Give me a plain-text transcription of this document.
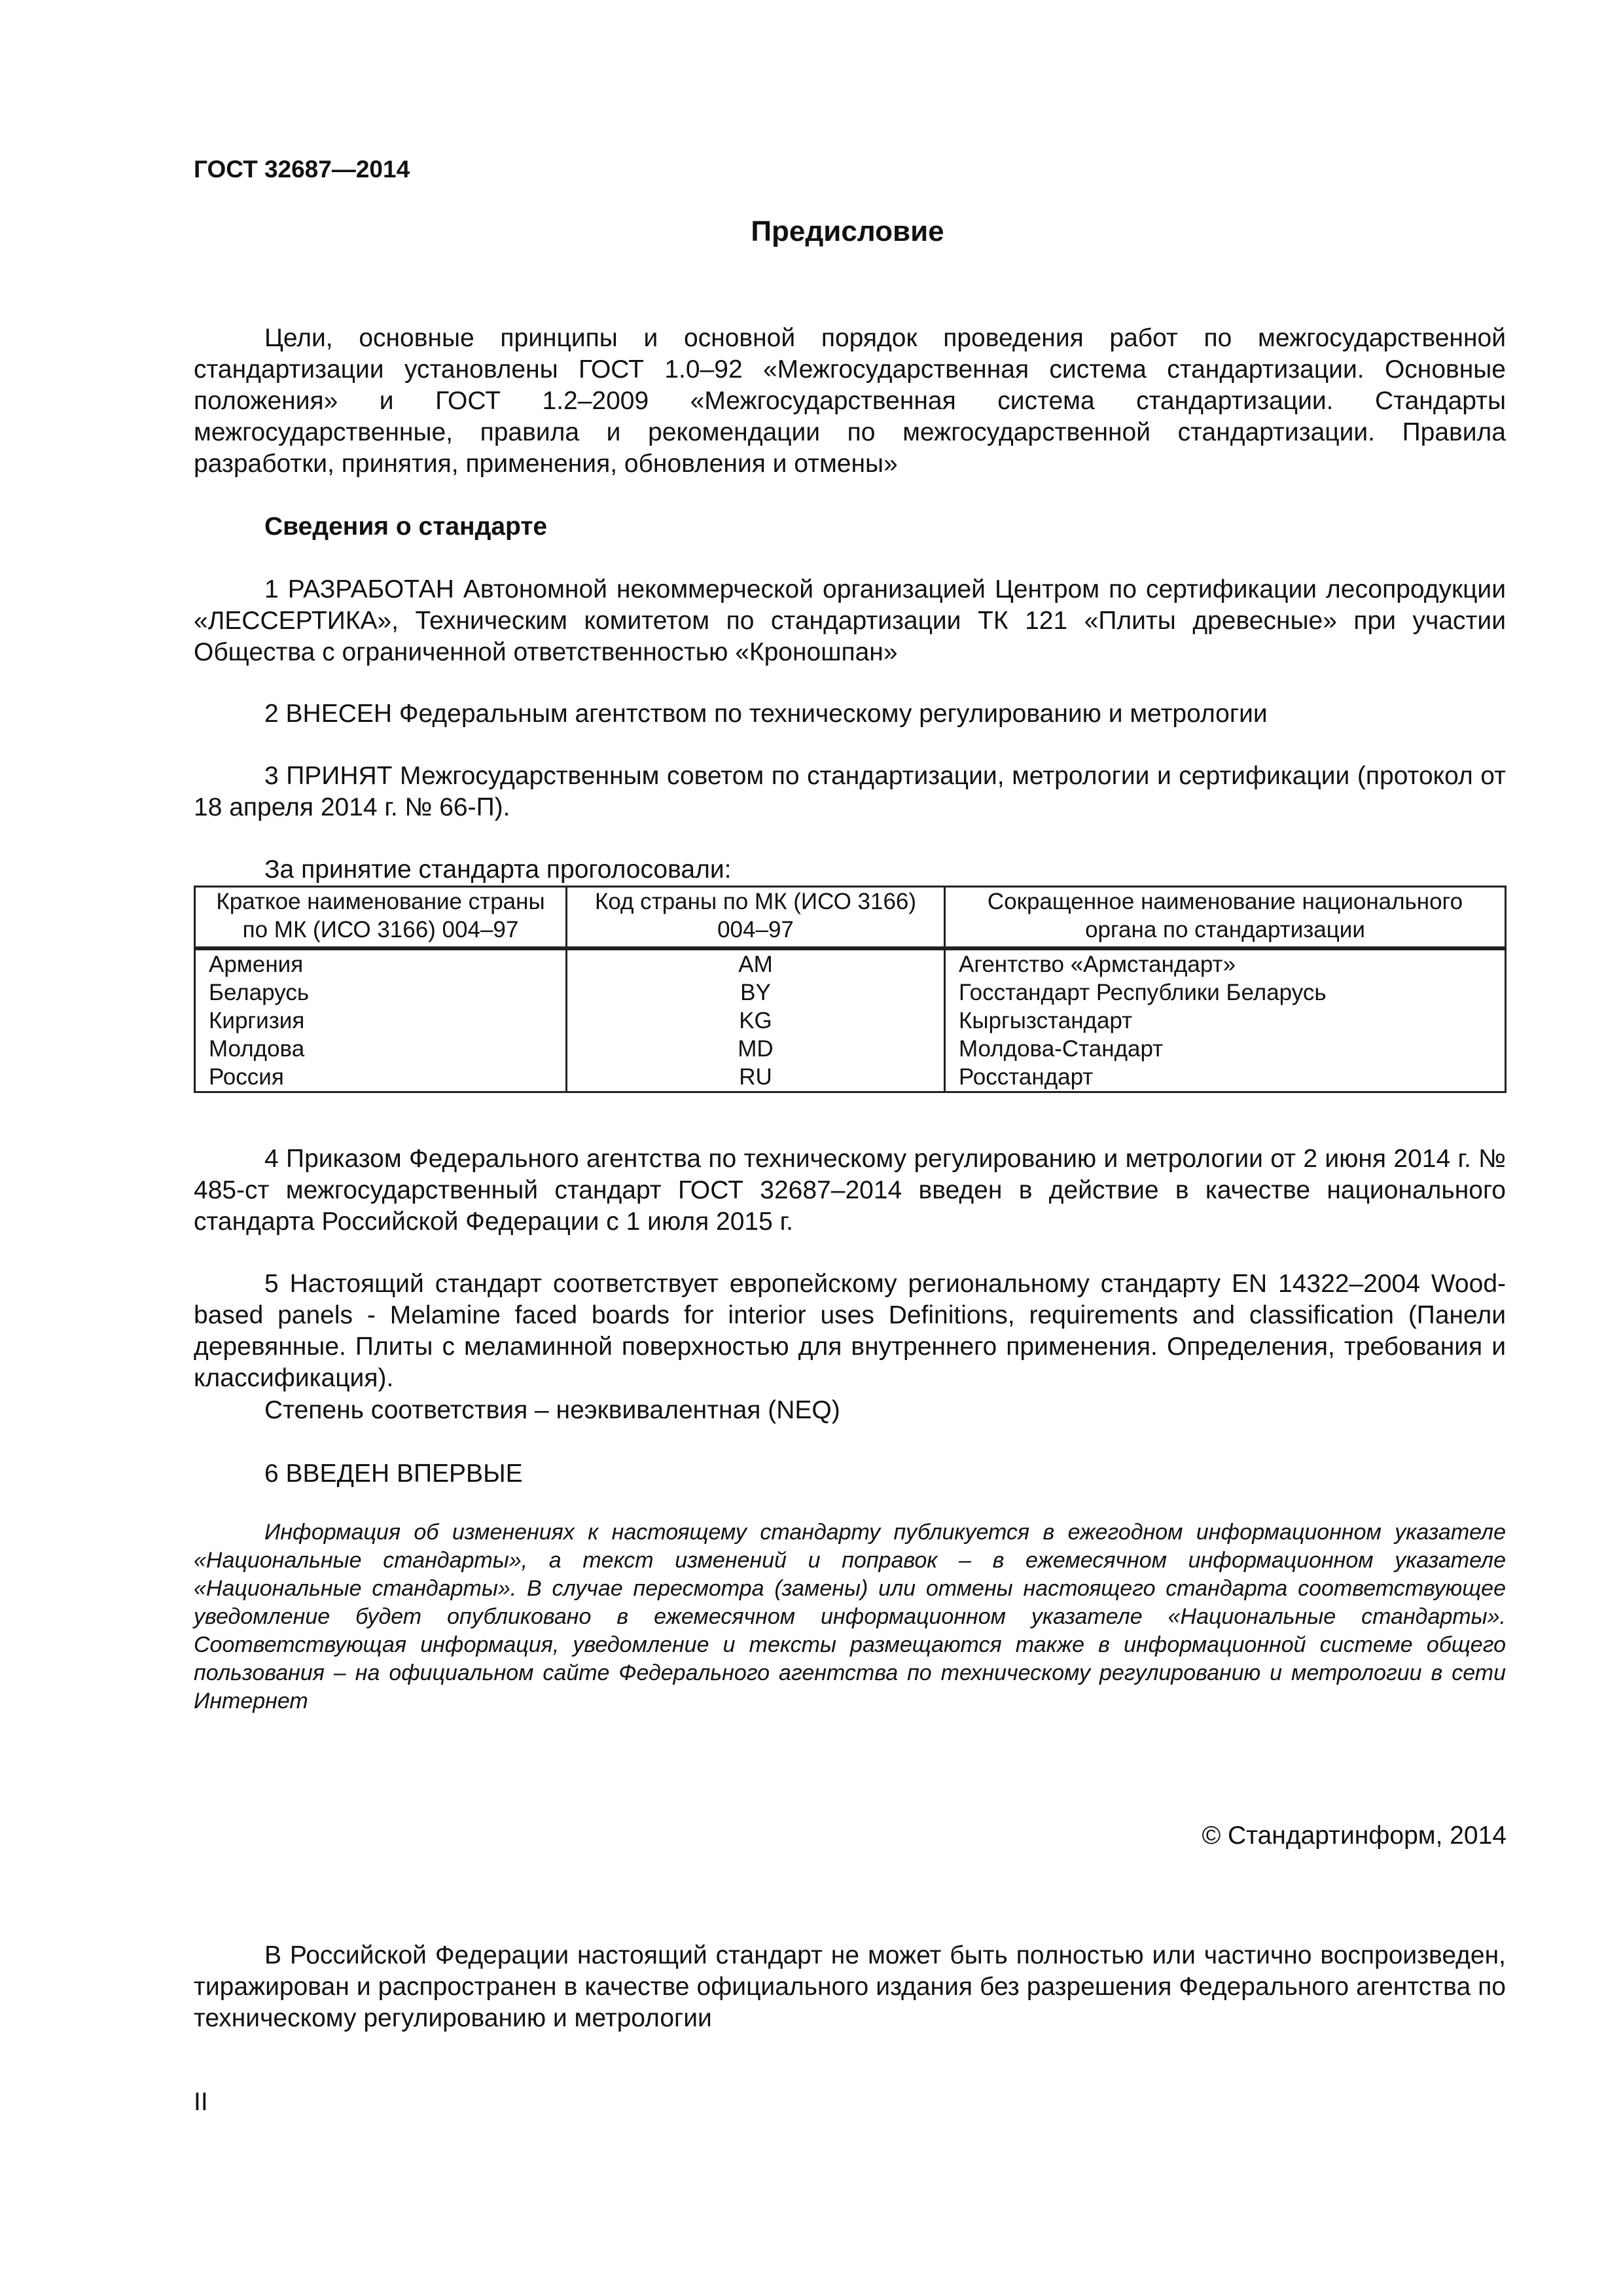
ГОСТ 32687—2014
Предисловие
Цели, основные принципы и основной порядок проведения работ по межгосударственной стандартизации установлены ГОСТ 1.0–92 «Межгосударственная система стандартизации. Основные положения» и ГОСТ 1.2–2009 «Межгосударственная система стандартизации. Стандарты межгосударственные, правила и рекомендации по межгосударственной стандартизации. Правила разработки, принятия, применения, обновления и отмены»
Сведения о стандарте
1 РАЗРАБОТАН Автономной некоммерческой организацией Центром по сертификации лесопродукции «ЛЕССЕРТИКА», Техническим комитетом по стандартизации ТК 121 «Плиты древесные» при участии Общества с ограниченной ответственностью «Кроношпан»
2 ВНЕСЕН Федеральным агентством по техническому регулированию и метрологии
3 ПРИНЯТ Межгосударственным советом по стандартизации, метрологии и сертификации (протокол от 18 апреля 2014 г. № 66-П).
За принятие стандарта проголосовали:
Краткое наименование страны по МК (ИСО 3166) 004–97	Код страны по МК (ИСО 3166) 004–97	Сокращенное наименование национального органа по стандартизации
Армения	AM	Агентство «Армстандарт»
Беларусь	BY	Госстандарт Республики Беларусь
Киргизия	KG	Кыргызстандарт
Молдова	MD	Молдова-Стандарт
Россия	RU	Росстандарт
4 Приказом Федерального агентства по техническому регулированию и метрологии от 2 июня 2014 г. № 485-ст межгосударственный стандарт ГОСТ 32687–2014 введен в действие в качестве национального стандарта Российской Федерации с 1 июля 2015 г.
5 Настоящий стандарт соответствует европейскому региональному стандарту EN 14322–2004 Wood-based panels - Melamine faced boards for interior uses Definitions, requirements and classification (Панели деревянные. Плиты с меламинной поверхностью для внутреннего применения. Определения, требования и классификация).
Степень соответствия – неэквивалентная (NEQ)
6 ВВЕДЕН ВПЕРВЫЕ
Информация об изменениях к настоящему стандарту публикуется в ежегодном информационном указателе «Национальные стандарты», а текст изменений и поправок – в ежемесячном информационном указателе «Национальные стандарты». В случае пересмотра (замены) или отмены настоящего стандарта соответствующее уведомление будет опубликовано в ежемесячном информационном указателе «Национальные стандарты». Соответствующая информация, уведомление и тексты размещаются также в информационной системе общего пользования – на официальном сайте Федерального агентства по техническому регулированию и метрологии в сети Интернет
© Стандартинформ, 2014
В Российской Федерации настоящий стандарт не может быть полностью или частично воспроизведен, тиражирован и распространен в качестве официального издания без разрешения Федерального агентства по техническому регулированию и метрологии
II
